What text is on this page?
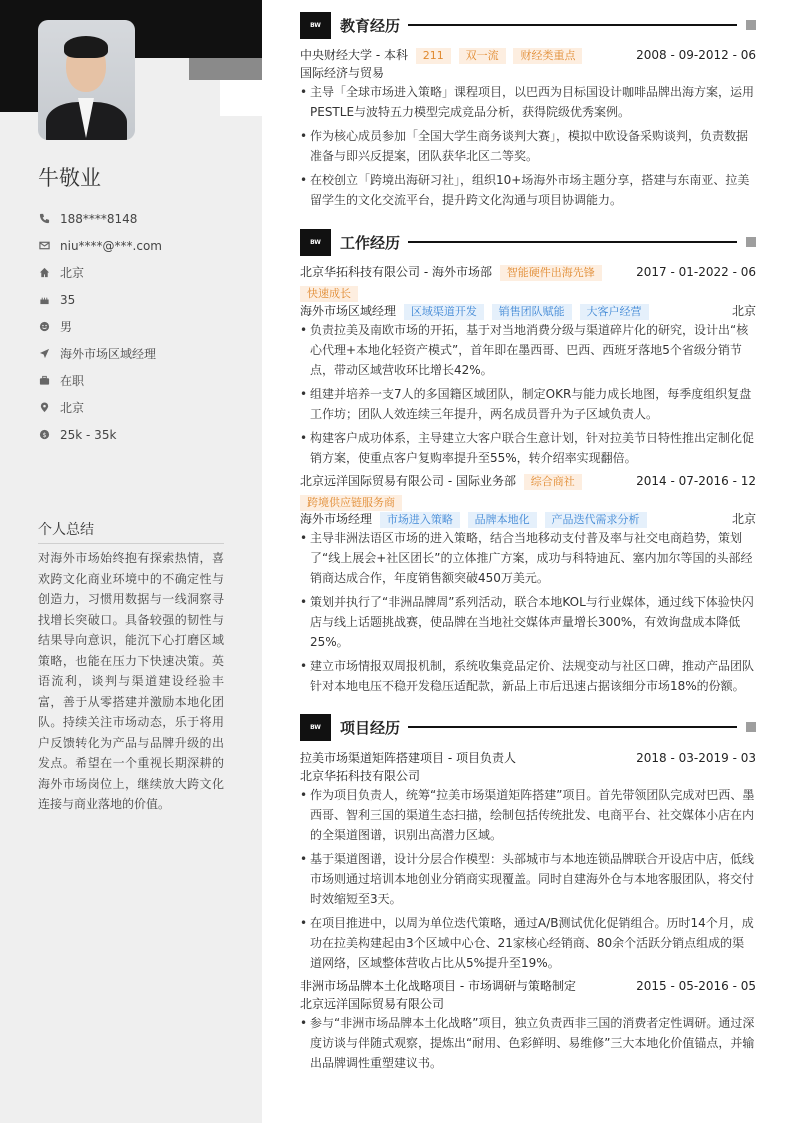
牛敬业
188****8148
niu****@***.com
北京
35
男
海外市场区域经理
在职
北京
$ 25k - 35k
个人总结
对海外市场始终抱有探索热情，喜欢跨文化商业环境中的不确定性与创造力，习惯用数据与一线洞察寻找增长突破口。具备较强的韧性与结果导向意识，能沉下心打磨区域策略，也能在压力下快速决策。英语流利，谈判与渠道建设经验丰富，善于从零搭建并激励本地化团队。持续关注市场动态，乐于将用户反馈转化为产品与品牌升级的出发点。希望在一个重视长期深耕的海外市场岗位上，继续放大跨文化连接与商业落地的价值。
BW	教育经历
中央财经大学 - 本科 211 双一流 财经类重点	2008 - 09-2012 - 06
国际经济与贸易
• 主导「全球市场进入策略」课程项目，以巴西为目标国设计咖啡品牌出海方案，运用PESTLE与波特五力模型完成竞品分析，获得院级优秀案例。
• 作为核心成员参加「全国大学生商务谈判大赛」，模拟中欧设备采购谈判，负责数据准备与即兴反提案，团队获华北区二等奖。
• 在校创立「跨境出海研习社」，组织10+场海外市场主题分享，搭建与东南亚、拉美留学生的文化交流平台，提升跨文化沟通与项目协调能力。
BW	工作经历
北京华拓科技有限公司 - 海外市场部 智能硬件出海先锋	2017 - 01-2022 - 06
快速成长
海外市场区域经理 区域渠道开发 销售团队赋能 大客户经营	北京
• 负责拉美及南欧市场的开拓，基于对当地消费分级与渠道碎片化的研究，设计出“核心代理+本地化轻资产模式”，首年即在墨西哥、巴西、西班牙落地5个省级分销节点，带动区域营收环比增长42%。
• 组建并培养一支7人的多国籍区域团队，制定OKR与能力成长地图，每季度组织复盘工作坊；团队人效连续三年提升，两名成员晋升为子区域负责人。
• 构建客户成功体系，主导建立大客户联合生意计划，针对拉美节日特性推出定制化促销方案，使重点客户复购率提升至55%，转介绍率实现翻倍。
北京远洋国际贸易有限公司 - 国际业务部 综合商社	2014 - 07-2016 - 12
跨境供应链服务商
海外市场经理 市场进入策略 品牌本地化 产品迭代需求分析	北京
• 主导非洲法语区市场的进入策略，结合当地移动支付普及率与社交电商趋势，策划了“线上展会+社区团长”的立体推广方案，成功与科特迪瓦、塞内加尔等国的头部经销商达成合作，年度销售额突破450万美元。
• 策划并执行了“非洲品牌周”系列活动，联合本地KOL与行业媒体，通过线下体验快闪店与线上话题挑战赛，使品牌在当地社交媒体声量增长300%，有效询盘成本降低25%。
• 建立市场情报双周报机制，系统收集竞品定价、法规变动与社区口碑，推动产品团队针对本地电压不稳开发稳压适配款，新品上市后迅速占据该细分市场18%的份额。
BW	项目经历
拉美市场渠道矩阵搭建项目 - 项目负责人	2018 - 03-2019 - 03
北京华拓科技有限公司
• 作为项目负责人，统筹“拉美市场渠道矩阵搭建”项目。首先带领团队完成对巴西、墨西哥、智利三国的渠道生态扫描，绘制包括传统批发、电商平台、社交媒体小店在内的全渠道图谱，识别出高潜力区域。
• 基于渠道图谱，设计分层合作模型：头部城市与本地连锁品牌联合开设店中店，低线市场则通过培训本地创业分销商实现覆盖。同时自建海外仓与本地客服团队，将交付时效缩短至3天。
• 在项目推进中，以周为单位迭代策略，通过A/B测试优化促销组合。历时14个月，成功在拉美构建起由3个区域中心仓、21家核心经销商、80余个活跃分销点组成的渠道网络，区域整体营收占比从5%提升至19%。
非洲市场品牌本土化战略项目 - 市场调研与策略制定	2015 - 05-2016 - 05
北京远洋国际贸易有限公司
• 参与“非洲市场品牌本土化战略”项目，独立负责西非三国的消费者定性调研。通过深度访谈与伴随式观察，提炼出“耐用、色彩鲜明、易维修”三大本地化价值锚点，并输出品牌调性重塑建议书。
